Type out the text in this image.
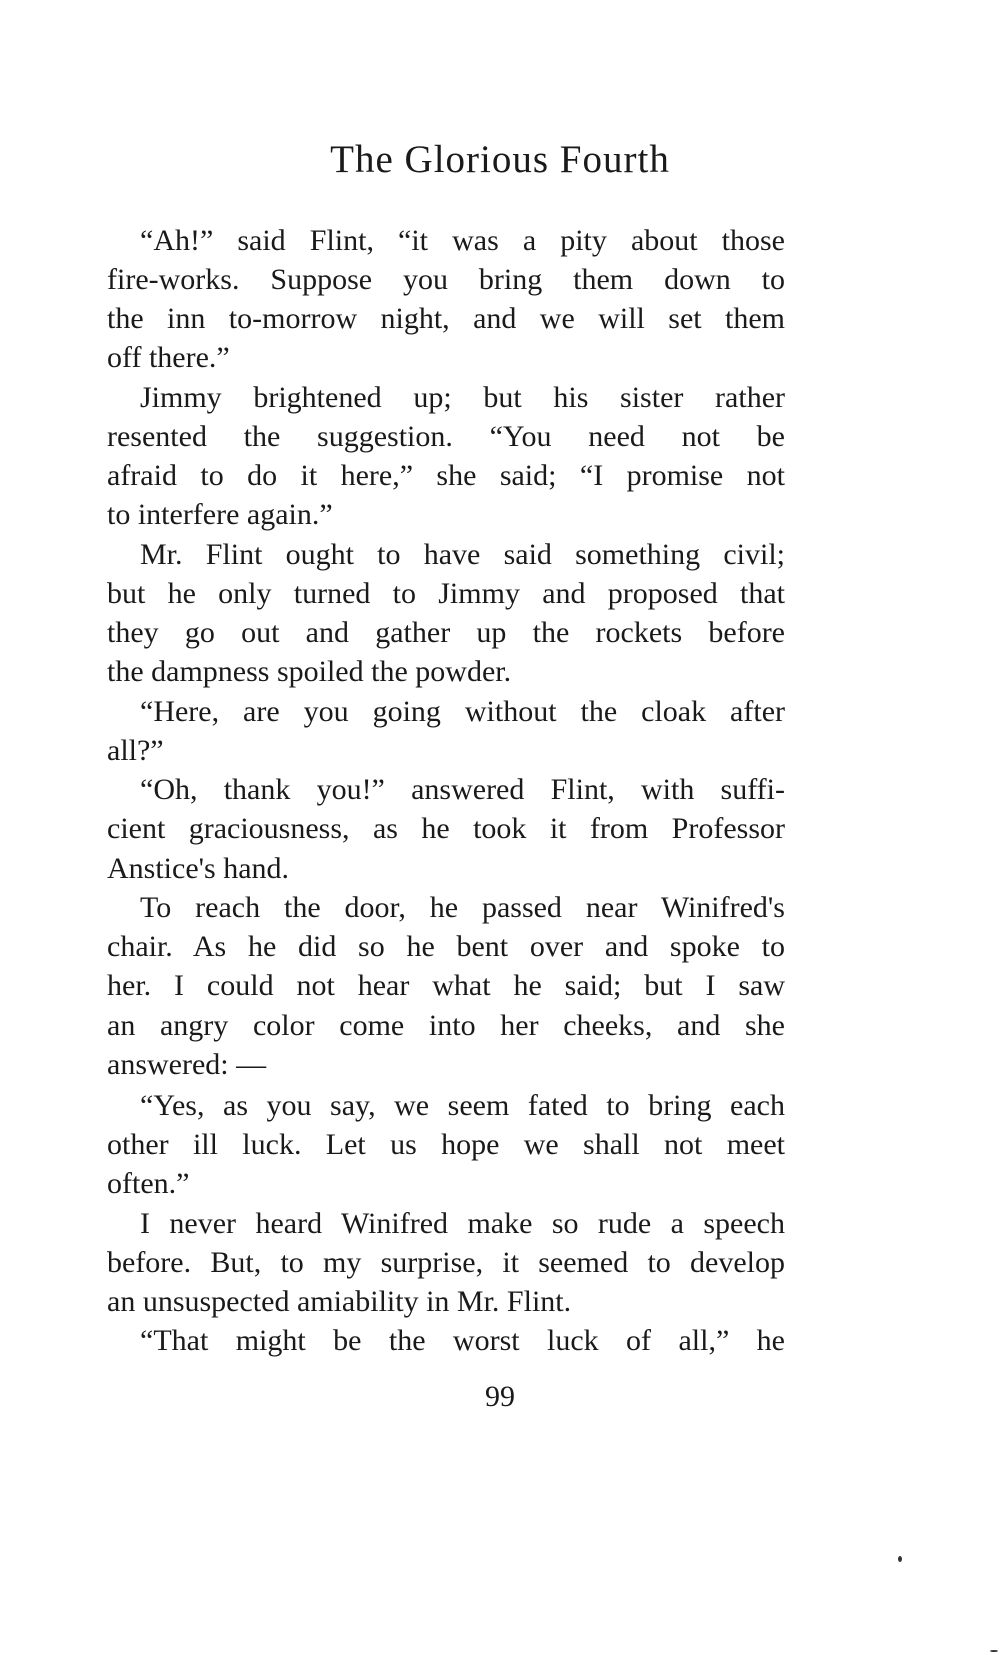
The Glorious Fourth
“Ah!” said Flint, “it was a pity about those
fire-works. Suppose you bring them down to
the inn to-morrow night, and we will set them
off there.”
Jimmy brightened up; but his sister rather
resented the suggestion. “You need not be
afraid to do it here,” she said; “I promise not
to interfere again.”
Mr. Flint ought to have said something civil;
but he only turned to Jimmy and proposed that
they go out and gather up the rockets before
the dampness spoiled the powder.
“Here, are you going without the cloak after
all?”
“Oh, thank you!” answered Flint, with suffi-
cient graciousness, as he took it from Professor
Anstice's hand.
To reach the door, he passed near Winifred's
chair. As he did so he bent over and spoke to
her. I could not hear what he said; but I saw
an angry color come into her cheeks, and she
answered: —
“Yes, as you say, we seem fated to bring each
other ill luck. Let us hope we shall not meet
often.”
I never heard Winifred make so rude a speech
before. But, to my surprise, it seemed to develop
an unsuspected amiability in Mr. Flint.
“That might be the worst luck of all,” he
99
